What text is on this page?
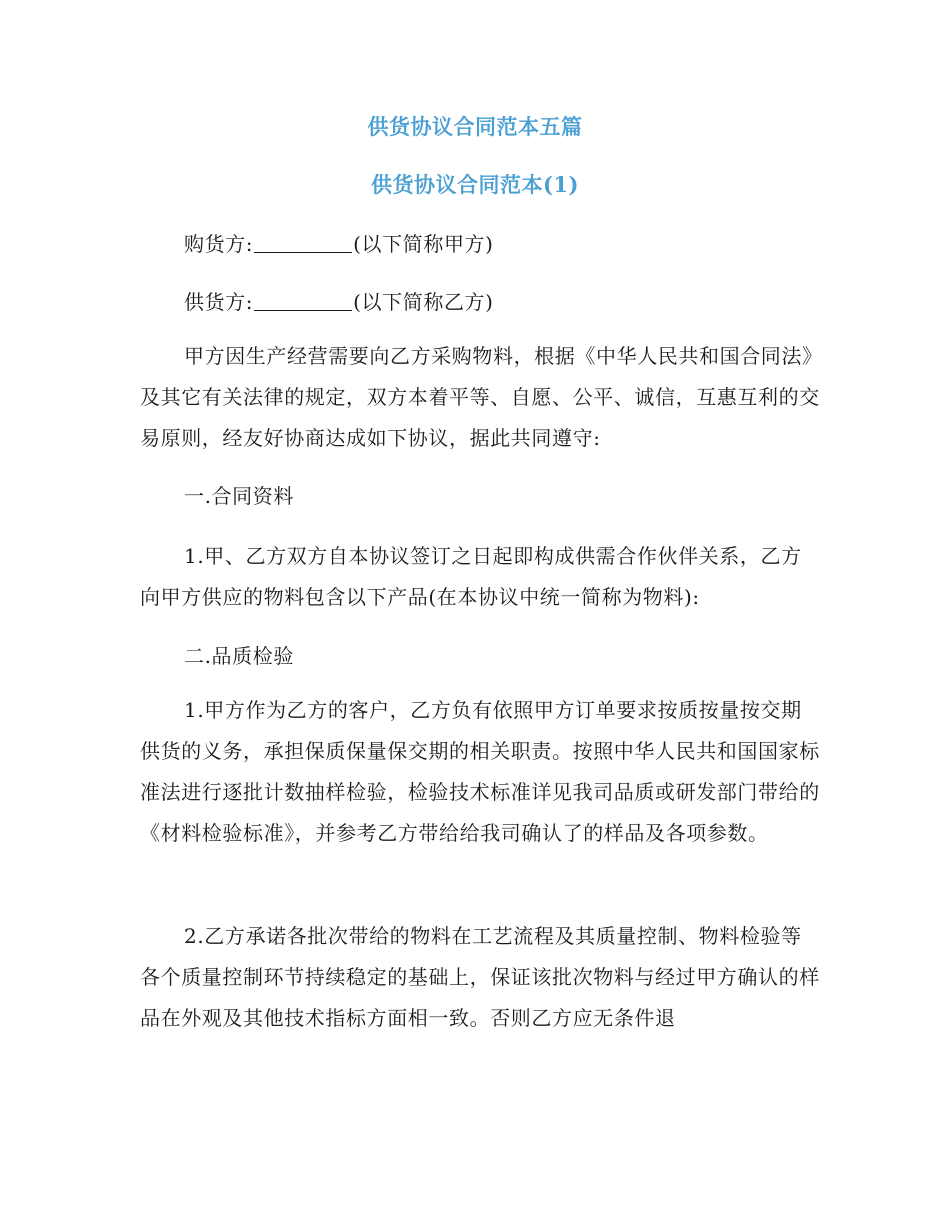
供货协议合同范本五篇
供货协议合同范本(1)

购货方:	(以下简称甲方)

供货方:	(以下简称乙方)

甲方因生产经营需要向乙方采购物料，根据《中华人民共和国合同法》及其它有关法律的规定，双方本着平等、自愿、公平、诚信，互惠互利的交易原则，经友好协商达成如下协议，据此共同遵守:

一.合同资料

1.甲、乙方双方自本协议签订之日起即构成供需合作伙伴关系，乙方向甲方供应的物料包含以下产品(在本协议中统一简称为物料):

二.品质检验

1.甲方作为乙方的客户，乙方负有依照甲方订单要求按质按量按交期供货的义务，承担保质保量保交期的相关职责。按照中华人民共和国国家标准法进行逐批计数抽样检验，检验技术标准详见我司品质或研发部门带给的《材料检验标准》，并参考乙方带给给我司确认了的样品及各项参数。

2.乙方承诺各批次带给的物料在工艺流程及其质量控制、物料检验等各个质量控制环节持续稳定的基础上，保证该批次物料与经过甲方确认的样品在外观及其他技术指标方面相一致。否则乙方应无条件退
